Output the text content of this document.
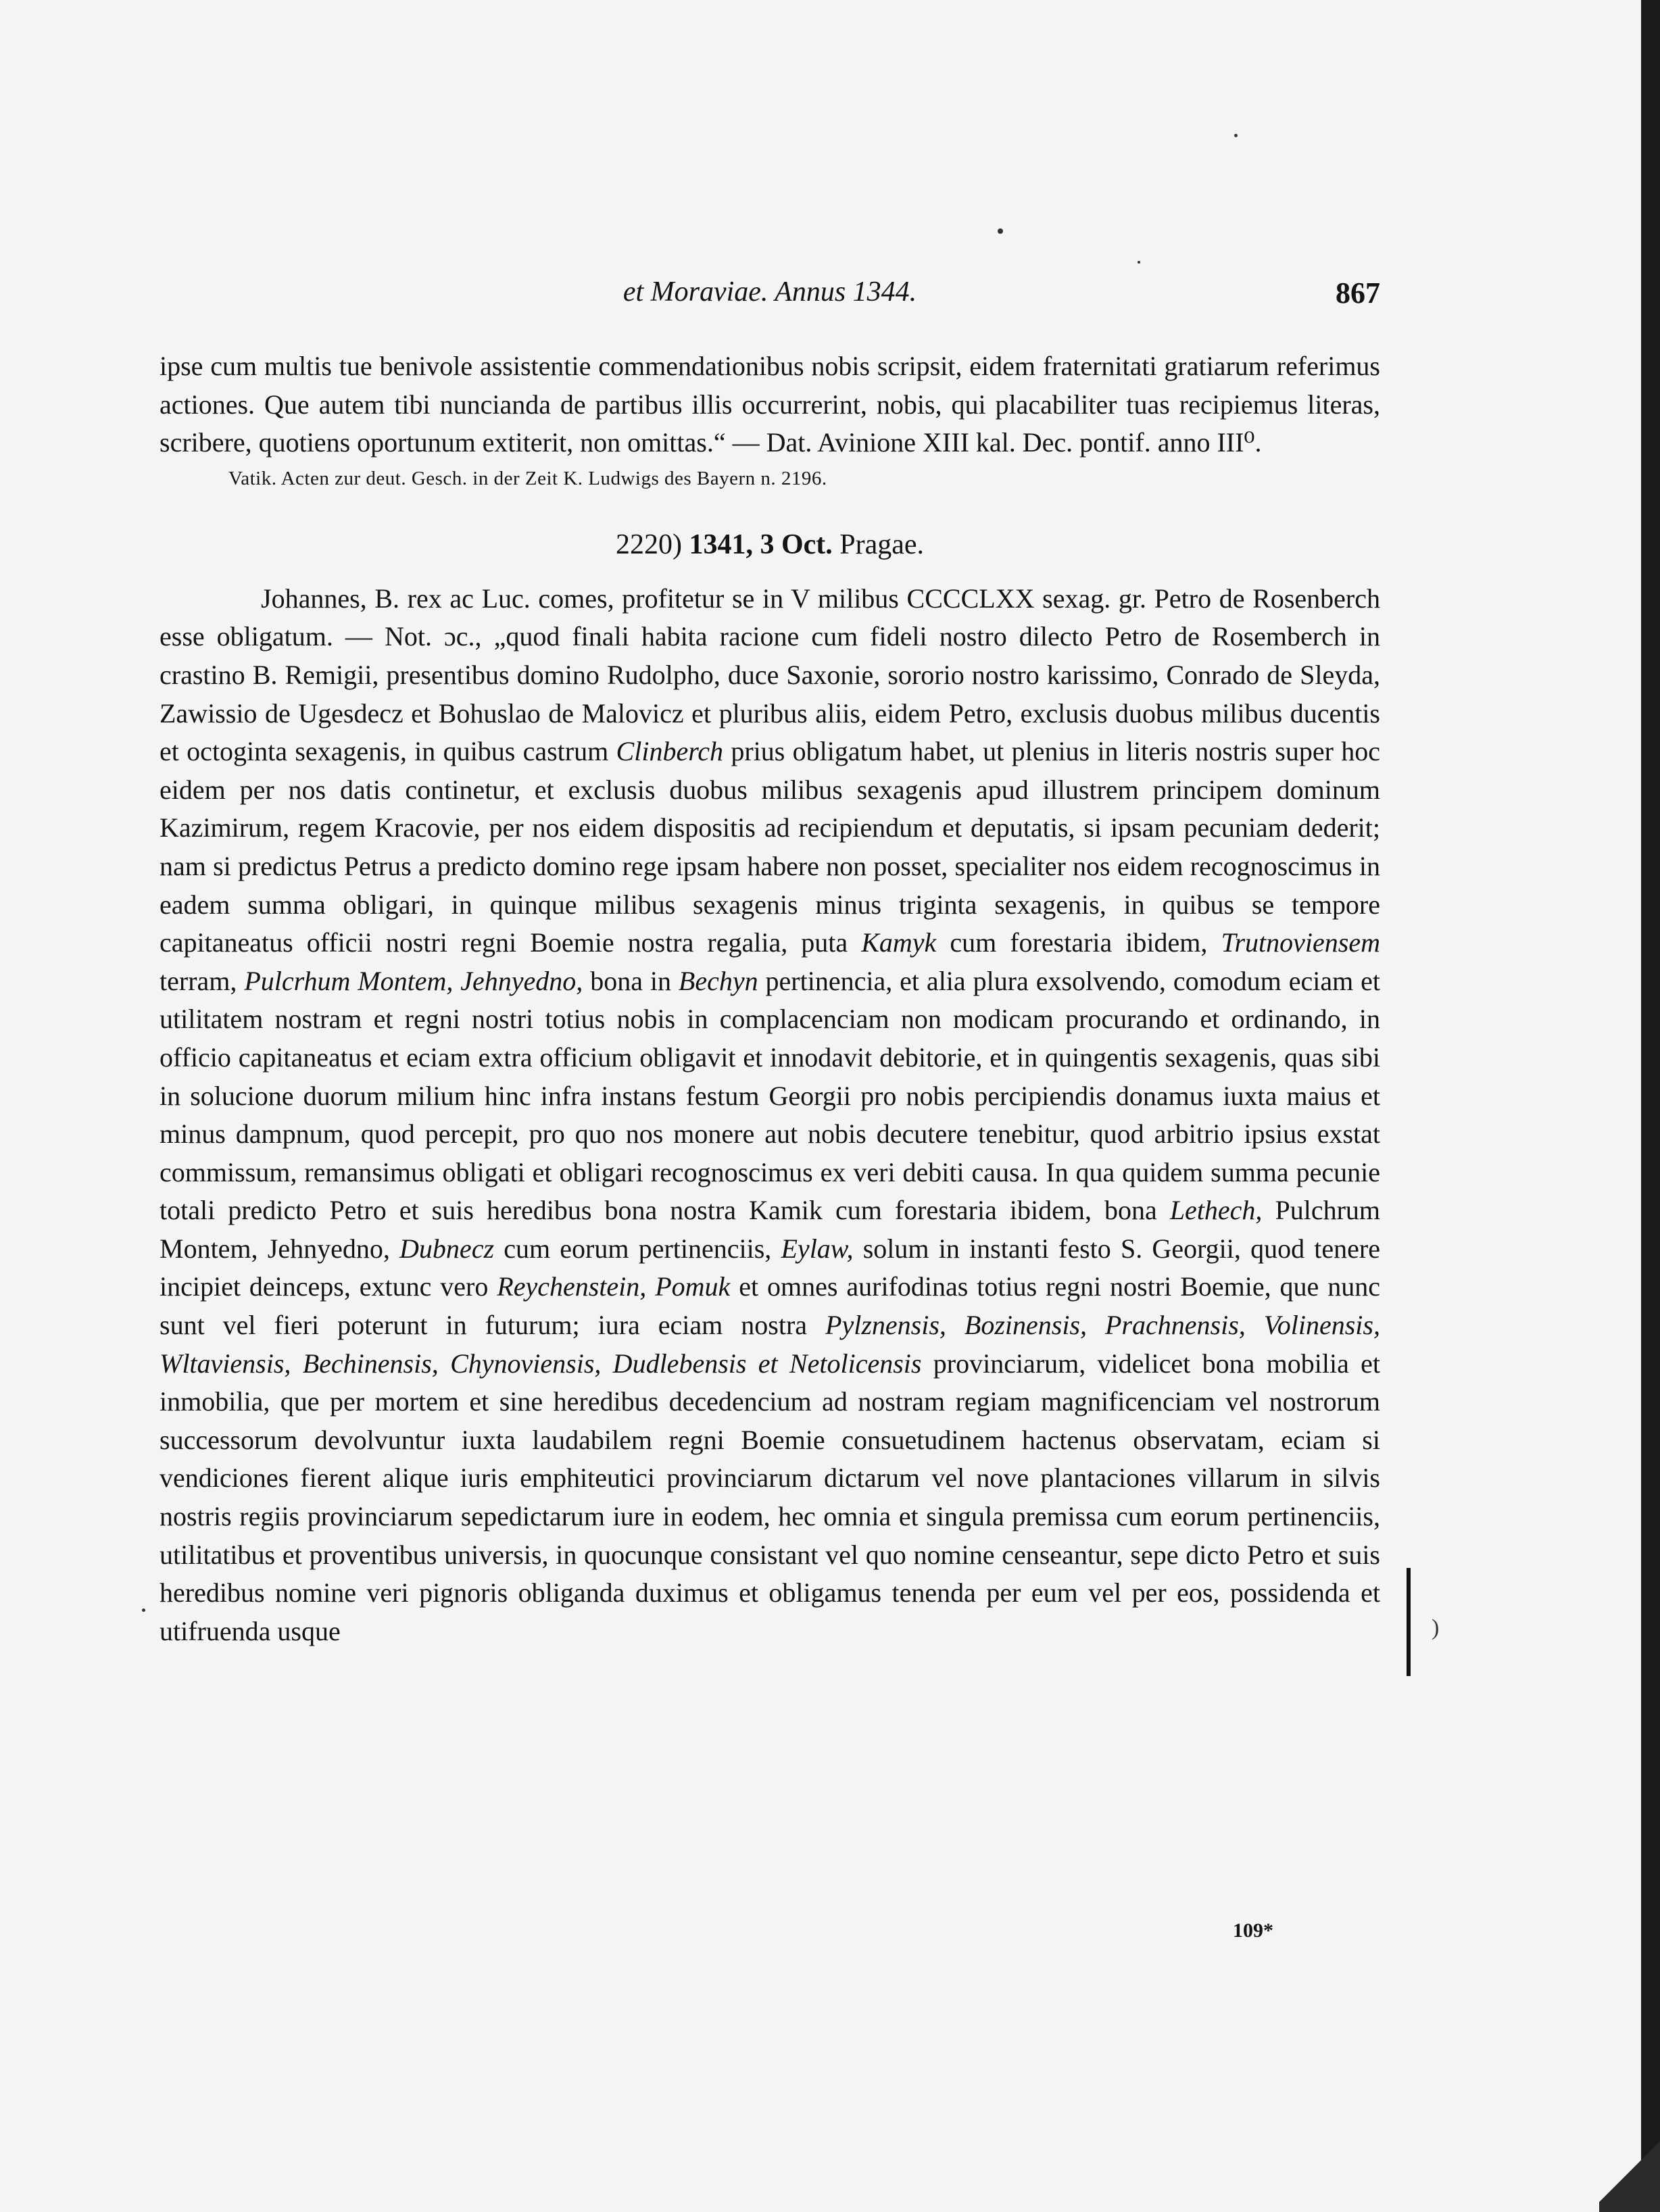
et Moraviae. Annus 1344.	867

ipse cum multis tue benivole assistentie commendationibus nobis scripsit, eidem fraternitati gratiarum referimus actiones. Que autem tibi nuncianda de partibus illis occurrerint, nobis, qui placabiliter tuas recipiemus literas, scribere, quotiens oportunum extiterit, non omittas.“ — Dat. Avinione XIII kal. Dec. pontif. anno III⁰.

Vatik. Acten zur deut. Gesch. in der Zeit K. Ludwigs des Bayern n. 2196.

2220) 1341, 3 Oct. Pragae.

Johannes, B. rex ac Luc. comes, profitetur se in V milibus CCCCLXX sexag. gr. Petro de Rosenberch esse obligatum. — Not. ɔc., „quod finali habita racione cum fideli nostro dilecto Petro de Rosemberch in crastino B. Remigii, presentibus domino Rudolpho, duce Saxonie, sororio nostro karissimo, Conrado de Sleyda, Zawissio de Ugesdecz et Bohuslao de Malovicz et pluribus aliis, eidem Petro, exclusis duobus milibus ducentis et octoginta sexagenis, in quibus castrum Clinberch prius obligatum habet, ut plenius in literis nostris super hoc eidem per nos datis continetur, et exclusis duobus milibus sexagenis apud illustrem principem dominum Kazimirum, regem Kracovie, per nos eidem dispositis ad recipiendum et deputatis, si ipsam pecuniam dederit; nam si predictus Petrus a predicto domino rege ipsam habere non posset, specialiter nos eidem recognoscimus in eadem summa obligari, in quinque milibus sexagenis minus triginta sexagenis, in quibus se tempore capitaneatus officii nostri regni Boemie nostra regalia, puta Kamyk cum forestaria ibidem, Trutnoviensem terram, Pulcrhum Montem, Jehnyedno, bona in Bechyn pertinencia, et alia plura exsolvendo, comodum eciam et utilitatem nostram et regni nostri totius nobis in complacenciam non modicam procurando et ordinando, in officio capitaneatus et eciam extra officium obligavit et innodavit debitorie, et in quingentis sexagenis, quas sibi in solucione duorum milium hinc infra instans festum Georgii pro nobis percipiendis donamus iuxta maius et minus dampnum, quod percepit, pro quo nos monere aut nobis decutere tenebitur, quod arbitrio ipsius exstat commissum, remansimus obligati et obligari recognoscimus ex veri debiti causa. In qua quidem summa pecunie totali predicto Petro et suis heredibus bona nostra Kamik cum forestaria ibidem, bona Lethech, Pulchrum Montem, Jehnyedno, Dubnecz cum eorum pertinenciis, Eylaw, solum in instanti festo S. Georgii, quod tenere incipiet deinceps, extunc vero Reychenstein, Pomuk et omnes aurifodinas totius regni nostri Boemie, que nunc sunt vel fieri poterunt in futurum; iura eciam nostra Pylznensis, Bozinensis, Prachnensis, Volinensis, Wltaviensis, Bechinensis, Chynoviensis, Dudlebensis et Netolicensis provinciarum, videlicet bona mobilia et inmobilia, que per mortem et sine heredibus decedencium ad nostram regiam magnificenciam vel nostrorum successorum devolvuntur iuxta laudabilem regni Boemie consuetudinem hactenus observatam, eciam si vendiciones fierent alique iuris emphiteutici provinciarum dictarum vel nove plantaciones villarum in silvis nostris regiis provinciarum sepedictarum iure in eodem, hec omnia et singula premissa cum eorum pertinenciis, utilitatibus et proventibus universis, in quocunque consistant vel quo nomine censeantur, sepe dicto Petro et suis heredibus nomine veri pignoris obliganda duximus et obligamus tenenda per eum vel per eos, possidenda et utifruenda usque	)
109*
